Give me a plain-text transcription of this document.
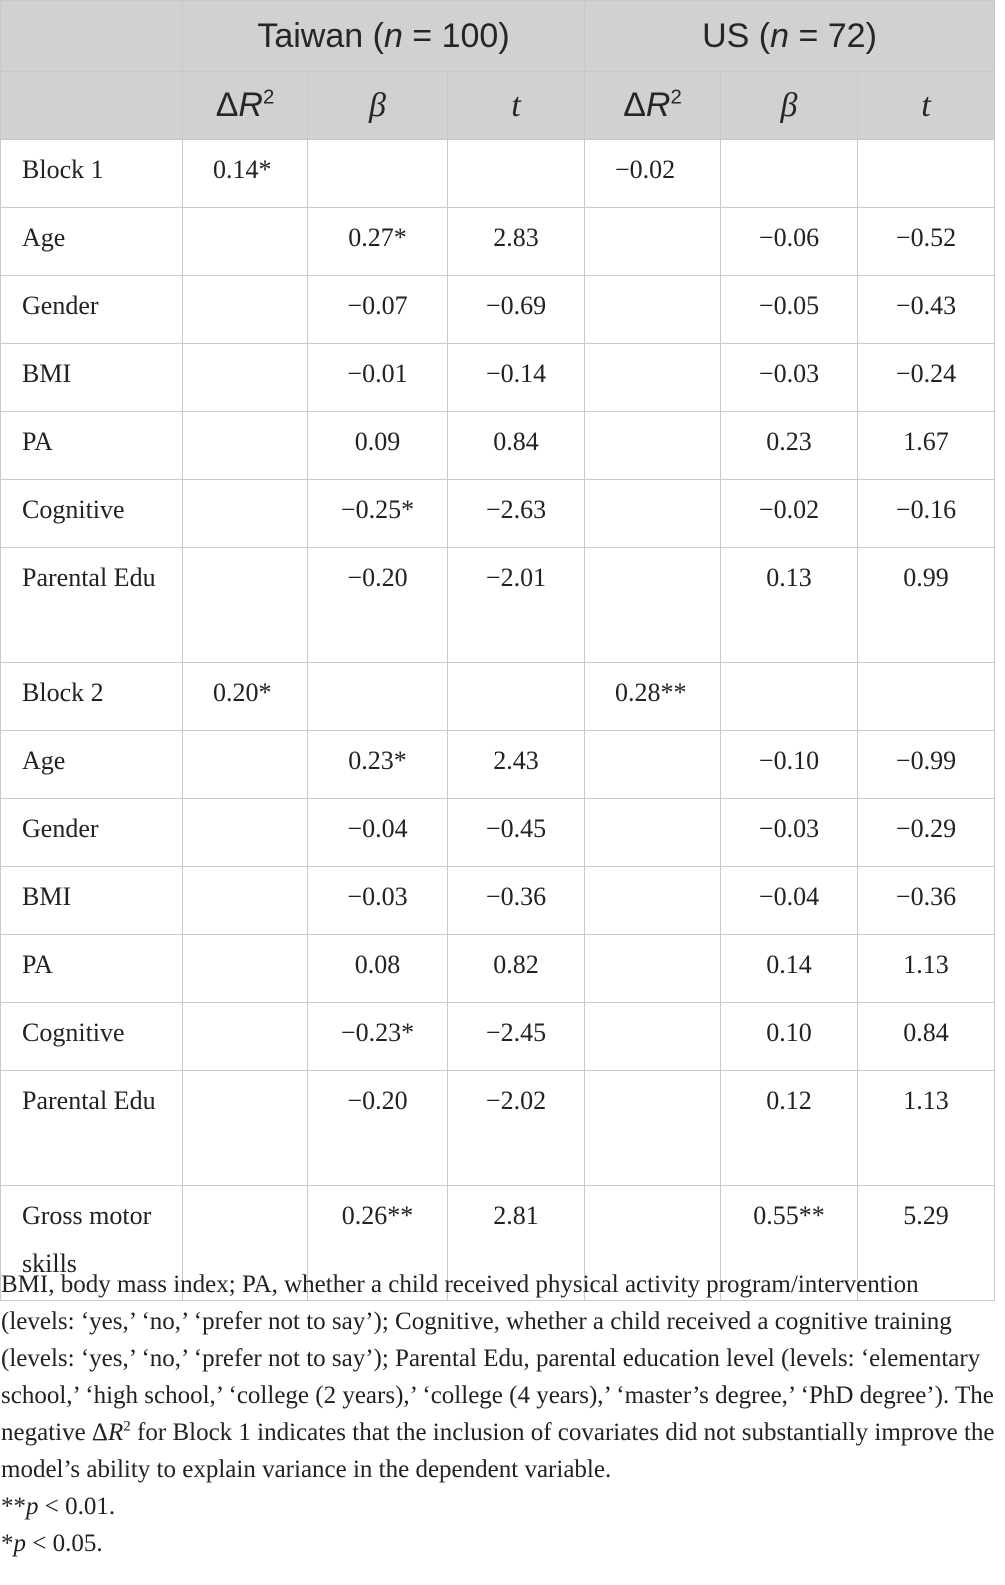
	Taiwan (n = 100)			US (n = 72)		
	$\Delta R^2$	β	t	$\Delta R^2$	β	t
Block 1	0.14*			−0.02		
Age		0.27*	2.83		−0.06	−0.52
Gender		−0.07	−0.69		−0.05	−0.43
BMI		−0.01	−0.14		−0.03	−0.24
PA		0.09	0.84		0.23	1.67
Cognitive		−0.25*	−2.63		−0.02	−0.16
Parental Edu		−0.20	−2.01		0.13	0.99
Block 2	0.20*			0.28**		
Age		0.23*	2.43		−0.10	−0.99
Gender		−0.04	−0.45		−0.03	−0.29
BMI		−0.03	−0.36		−0.04	−0.36
PA		0.08	0.82		0.14	1.13
Cognitive		−0.23*	−2.45		0.10	0.84
Parental Edu		−0.20	−2.02		0.12	1.13
Gross motor skills		0.26**	2.81		0.55**	5.29

BMI, body mass index; PA, whether a child received physical activity program/intervention (levels: ‘yes,’ ‘no,’ ‘prefer not to say’); Cognitive, whether a child received a cognitive training (levels: ‘yes,’ ‘no,’ ‘prefer not to say’); Parental Edu, parental education level (levels: ‘elementary school,’ ‘high school,’ ‘college (2 years),’ ‘college (4 years),’ ‘master’s degree,’ ‘PhD degree’). The negative $\Delta R^2$ for Block 1 indicates that the inclusion of covariates did not substantially improve the model’s ability to explain variance in the dependent variable.

**p < 0.01.

*p < 0.05.
